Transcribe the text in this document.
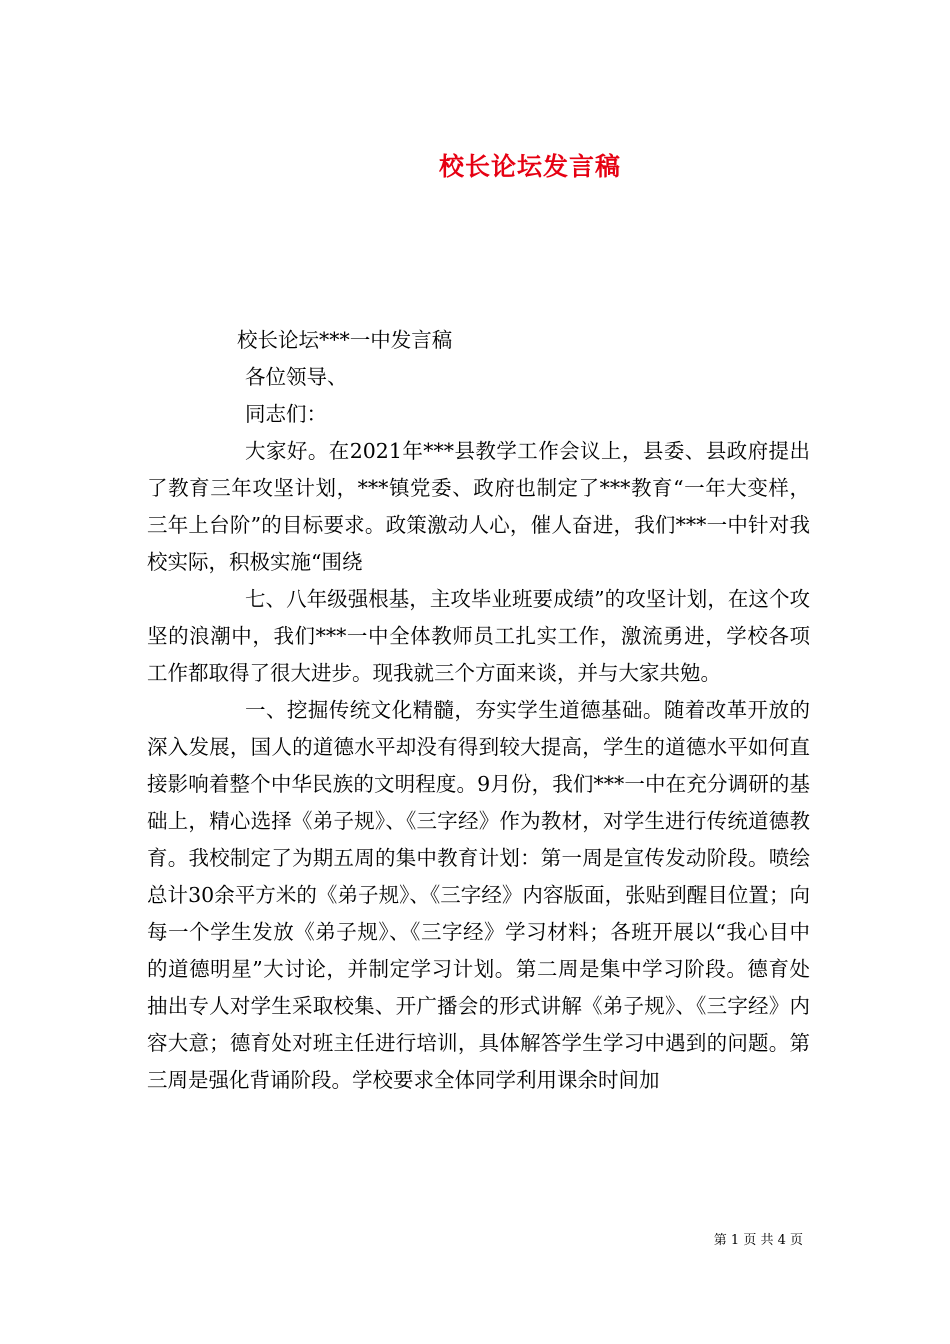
校长论坛发言稿

校长论坛***一中发言稿

各位领导、

同志们：

大家好。在2021年***县教学工作会议上，县委、县政府提出了教育三年攻坚计划，***镇党委、政府也制定了***教育“一年大变样，三年上台阶”的目标要求。政策激动人心，催人奋进，我们***一中针对我校实际，积极实施“围绕

七、八年级强根基，主攻毕业班要成绩”的攻坚计划，在这个攻坚的浪潮中，我们***一中全体教师员工扎实工作，激流勇进，学校各项工作都取得了很大进步。现我就三个方面来谈，并与大家共勉。

一、挖掘传统文化精髓，夯实学生道德基础。随着改革开放的深入发展，国人的道德水平却没有得到较大提高，学生的道德水平如何直接影响着整个中华民族的文明程度。9月份，我们***一中在充分调研的基础上，精心选择《弟子规》、《三字经》作为教材，对学生进行传统道德教育。我校制定了为期五周的集中教育计划：第一周是宣传发动阶段。喷绘总计30余平方米的《弟子规》、《三字经》内容版面，张贴到醒目位置；向每一个学生发放《弟子规》、《三字经》学习材料；各班开展以“我心目中的道德明星”大讨论，并制定学习计划。第二周是集中学习阶段。德育处抽出专人对学生采取校集、开广播会的形式讲解《弟子规》、《三字经》内容大意；德育处对班主任进行培训，具体解答学生学习中遇到的问题。第三周是强化背诵阶段。学校要求全体同学利用课余时间加

第 1 页 共 4 页
